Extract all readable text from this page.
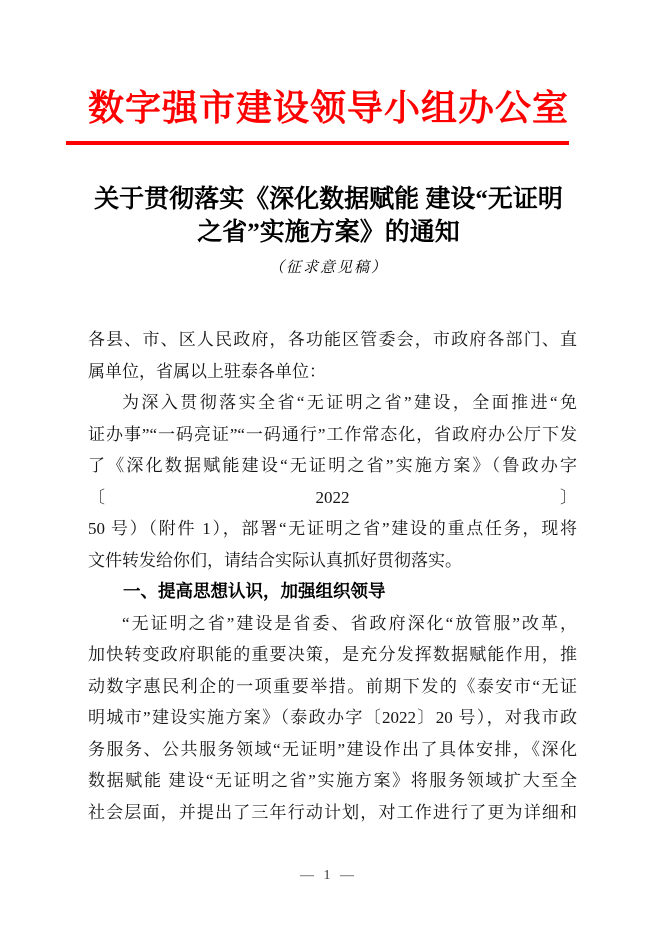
数字强市建设领导小组办公室
关于贯彻落实《深化数据赋能 建设“无证明
之省”实施方案》的通知
（征求意见稿）
各县、市、区人民政府，各功能区管委会，市政府各部门、直
属单位，省属以上驻泰各单位：
为深入贯彻落实全省“无证明之省”建设，全面推进“免
证办事”“一码亮证”“一码通行”工作常态化，省政府办公厅下发
了《深化数据赋能建设“无证明之省”实施方案》（鲁政办字〔2022〕
50 号）（附件 1），部署“无证明之省”建设的重点任务，现将
文件转发给你们，请结合实际认真抓好贯彻落实。
一、提高思想认识，加强组织领导
“无证明之省”建设是省委、省政府深化“放管服”改革，
加快转变政府职能的重要决策，是充分发挥数据赋能作用，推
动数字惠民利企的一项重要举措。前期下发的《泰安市“无证
明城市”建设实施方案》（泰政办字〔2022〕20 号），对我市政
务服务、公共服务领域“无证明”建设作出了具体安排，《深化
数据赋能 建设“无证明之省”实施方案》将服务领域扩大至全
社会层面，并提出了三年行动计划，对工作进行了更为详细和
— 1 —
